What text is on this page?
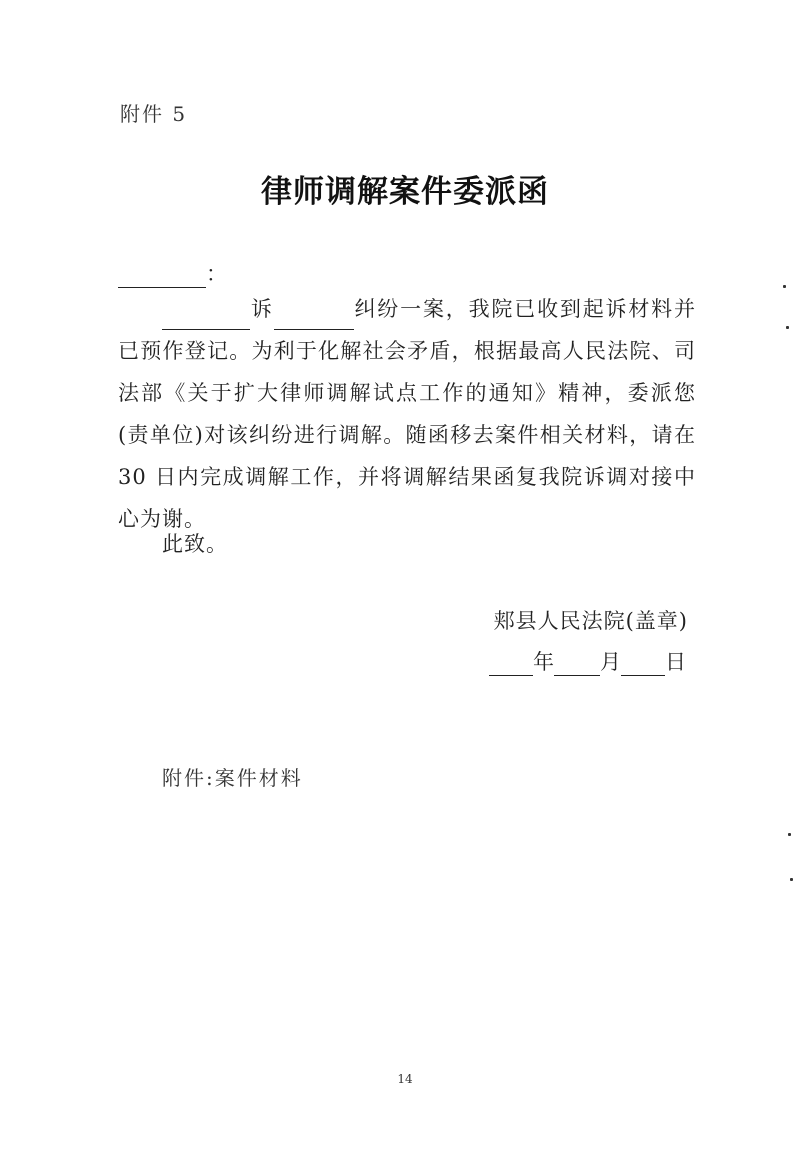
附件 5
律师调解案件委派函
：
诉	纠纷一案，我院已收到起诉材料并已预作登记。为利于化解社会矛盾，根据最高人民法院、司法部《关于扩大律师调解试点工作的通知》精神，委派您(责单位)对该纠纷进行调解。随函移去案件相关材料，请在 30 日内完成调解工作，并将调解结果函复我院诉调对接中心为谢。
此致。
郏县人民法院(盖章)
年 月 日
附件:案件材料
14
